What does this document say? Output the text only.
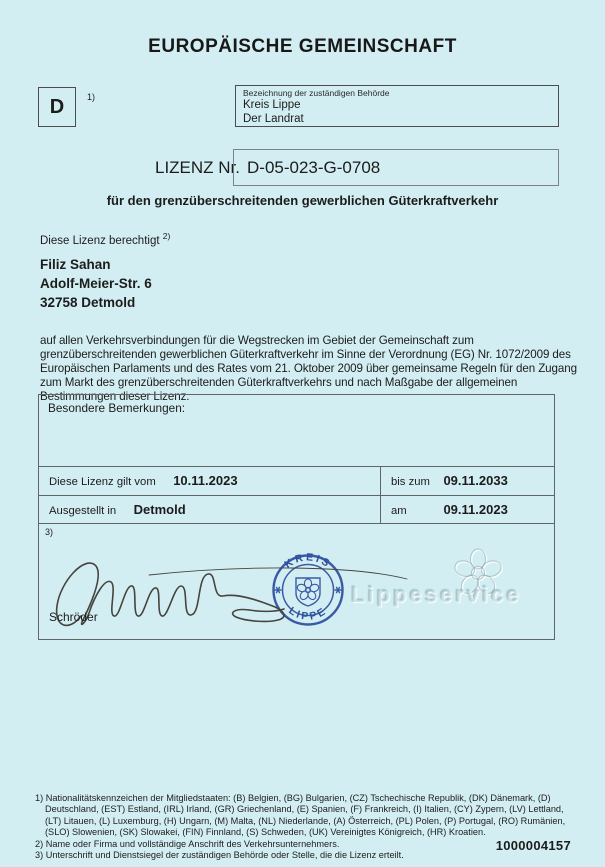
EUROPÄISCHE GEMEINSCHAFT
D	1)	Bezeichnung der zuständigen Behörde
Kreis Lippe
Der Landrat
LIZENZ Nr. D-05-023-G-0708
für den grenzüberschreitenden gewerblichen Güterkraftverkehr
Diese Lizenz berechtigt $^{2)}$
Filiz Sahan
Adolf-Meier-Str. 6
32758 Detmold
auf allen Verkehrsverbindungen für die Wegstrecken im Gebiet der Gemeinschaft zum grenzüberschreitenden gewerblichen Güterkraftverkehr im Sinne der Verordnung (EG) Nr. 1072/2009 des Europäischen Parlaments und des Rates vom 21. Oktober 2009 über gemeinsame Regeln für den Zugang zum Markt des grenzüberschreitenden Güterkraftverkehrs und nach Maßgabe der allgemeinen Bestimmungen dieser Lizenz.
Besondere Bemerkungen:
Diese Lizenz gilt vom 10.11.2023	bis zum 09.11.2033
Ausgestellt in Detmold	am	09.11.2023
3)
Lippeservice
KREIS
LIPPE
Schröder
1) Nationalitätskennzeichen der Mitgliedstaaten: (B) Belgien, (BG) Bulgarien, (CZ) Tschechische Republik, (DK) Dänemark, (D) Deutschland, (EST) Estland, (IRL) Irland, (GR) Griechenland, (E) Spanien, (F) Frankreich, (I) Italien, (CY) Zypern, (LV) Lettland, (LT) Litauen, (L) Luxemburg, (H) Ungarn, (M) Malta, (NL) Niederlande, (A) Österreich, (PL) Polen, (P) Portugal, (RO) Rumänien, (SLO) Slowenien, (SK) Slowakei, (FIN) Finnland, (S) Schweden, (UK) Vereinigtes Königreich, (HR) Kroatien.
2) Name oder Firma und vollständige Anschrift des Verkehrsunternehmers.
3) Unterschrift und Dienstsiegel der zuständigen Behörde oder Stelle, die die Lizenz erteilt.
1000004157
